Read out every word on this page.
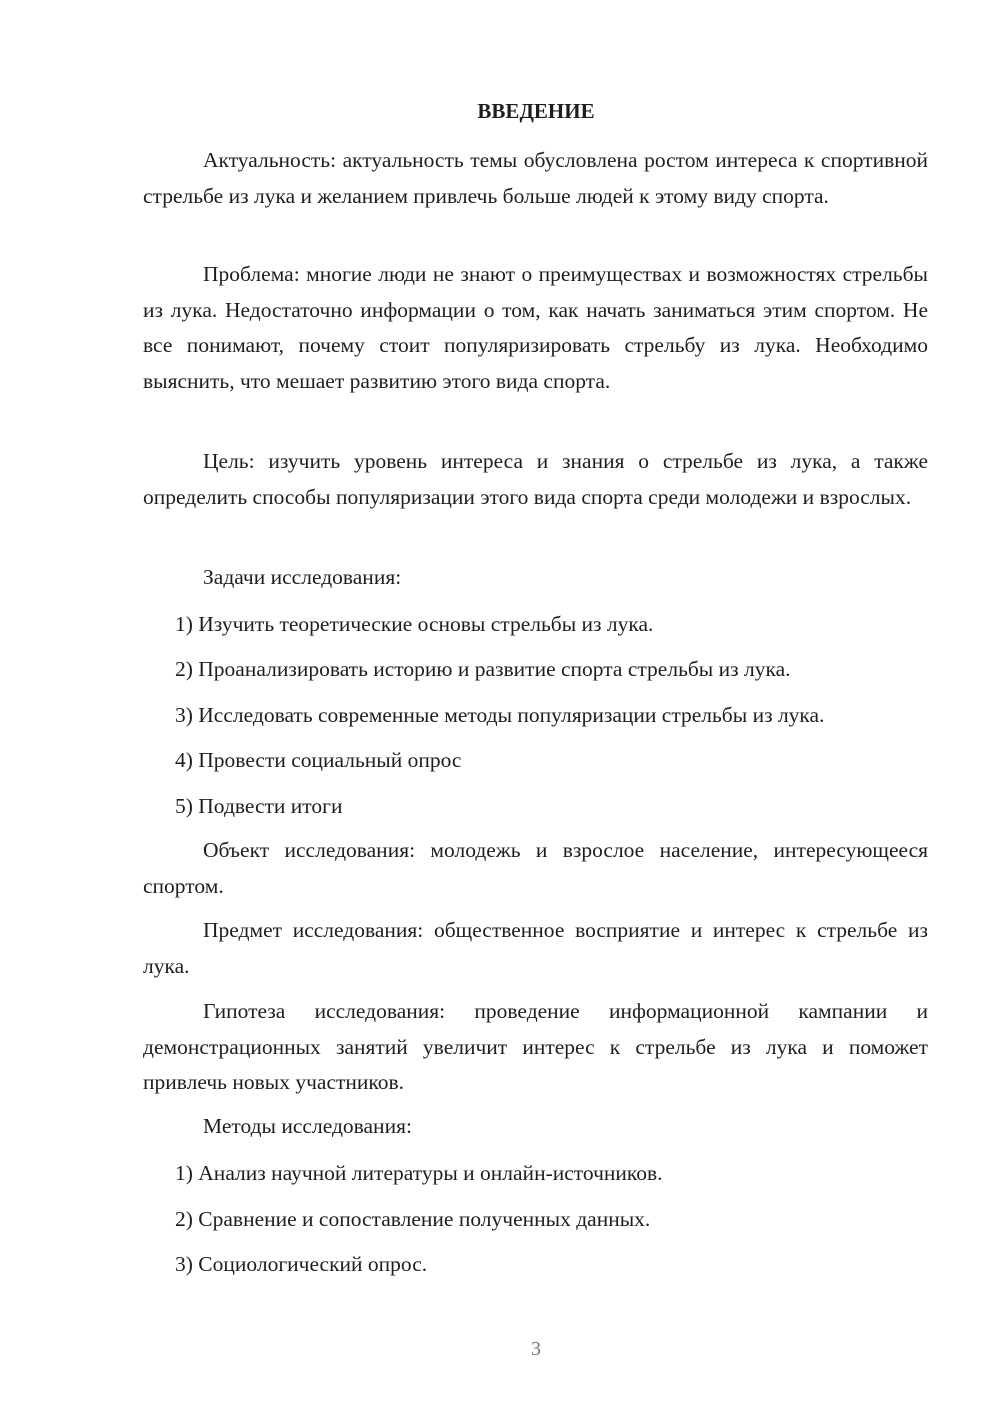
ВВЕДЕНИЕ

Актуальность: актуальность темы обусловлена ростом интереса к спортивной стрельбе из лука и желанием привлечь больше людей к этому виду спорта.

Проблема: многие люди не знают о преимуществах и возможностях стрельбы из лука. Недостаточно информации о том, как начать заниматься этим спортом. Не все понимают, почему стоит популяризировать стрельбу из лука. Необходимо выяснить, что мешает развитию этого вида спорта.

Цель: изучить уровень интереса и знания о стрельбе из лука, а также определить способы популяризации этого вида спорта среди молодежи и взрослых.

Задачи исследования:

1) Изучить теоретические основы стрельбы из лука.

2) Проанализировать историю и развитие спорта стрельбы из лука.

3) Исследовать современные методы популяризации стрельбы из лука.

4) Провести социальный опрос

5) Подвести итоги

Объект исследования: молодежь и взрослое население, интересующееся спортом.

Предмет исследования: общественное восприятие и интерес к стрельбе из лука.

Гипотеза исследования: проведение информационной кампании и демонстрационных занятий увеличит интерес к стрельбе из лука и поможет привлечь новых участников.

Методы исследования:

1) Анализ научной литературы и онлайн-источников.

2) Сравнение и сопоставление полученных данных.

3) Социологический опрос.

3
